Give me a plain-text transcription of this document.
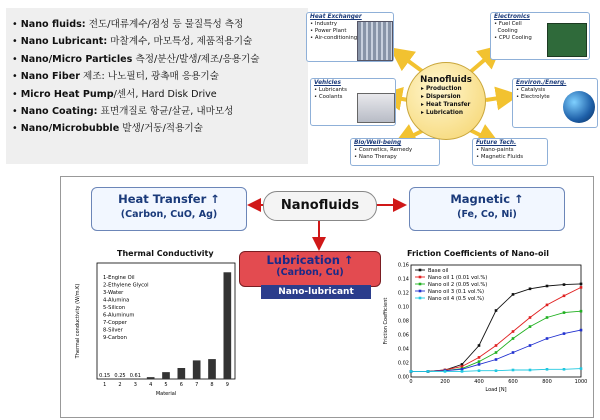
• Nano fluids: 전도/대류계수/점성 등 물질특성 측정
• Nano Lubricant: 마찰계수, 마모특성, 제품적용기술
• Nano/Micro Particles 측정/분산/발생/제조/응용기술
• Nano Fiber 제조: 나노필터, 광촉매 응용기술
• Micro Heat Pump/센서, Hard Disk Drive
• Nano Coating: 표면개질로 항균/살균, 내마모성
• Nano/Microbubble 발생/거동/적용기술
Heat Exchanger
• Industry
• Power Plant
• Air-conditioning
Electronics
• Fuel Cell
Cooling
• CPU Cooling
Vehicles
• Lubricants
• Coolants
Environ./Energ.
• Catalysis
• Electrolyte
Bio/Well-being
• Cosmetics, Remedy
• Nano Therapy
Future Tech.
• Nano-paints
• Magnetic Fluids
Nanofluids
▸ Production
▸ Dispersion
▸ Heat Transfer
▸ Lubrication
Heat Transfer ↑
(Carbon, CuO, Ag)
Nanofluids	Magnetic ↑
(Fe, Co, Ni)
Lubrication ↑
(Carbon, Cu)
Nano-lubricant
Thermal Conductivity
1
0.15
2
0.25
3
0.61
4 5 6 7 8 9
1-Engine Oil
2-Ethylene Glycol
3-Water
4-Alumina
5-Silicon
6-Aluminum
7-Copper
8-Silver
9-Carbon
Material
Thermal conductivity (W/m.K)
Friction Coefficients of Nano-oil
0.00
0.02
0.04
0.06
0.08
0.10
0.12
0.14
0.16
0	200	400	600	800	1000
Base oil
Nano oil 1 (0.01 vol.%)
Nano oil 2 (0.05 vol.%)
Nano oil 3 (0.1 vol.%)
Nano oil 4 (0.5 vol.%)
Load [N]
Friction Coefficient
